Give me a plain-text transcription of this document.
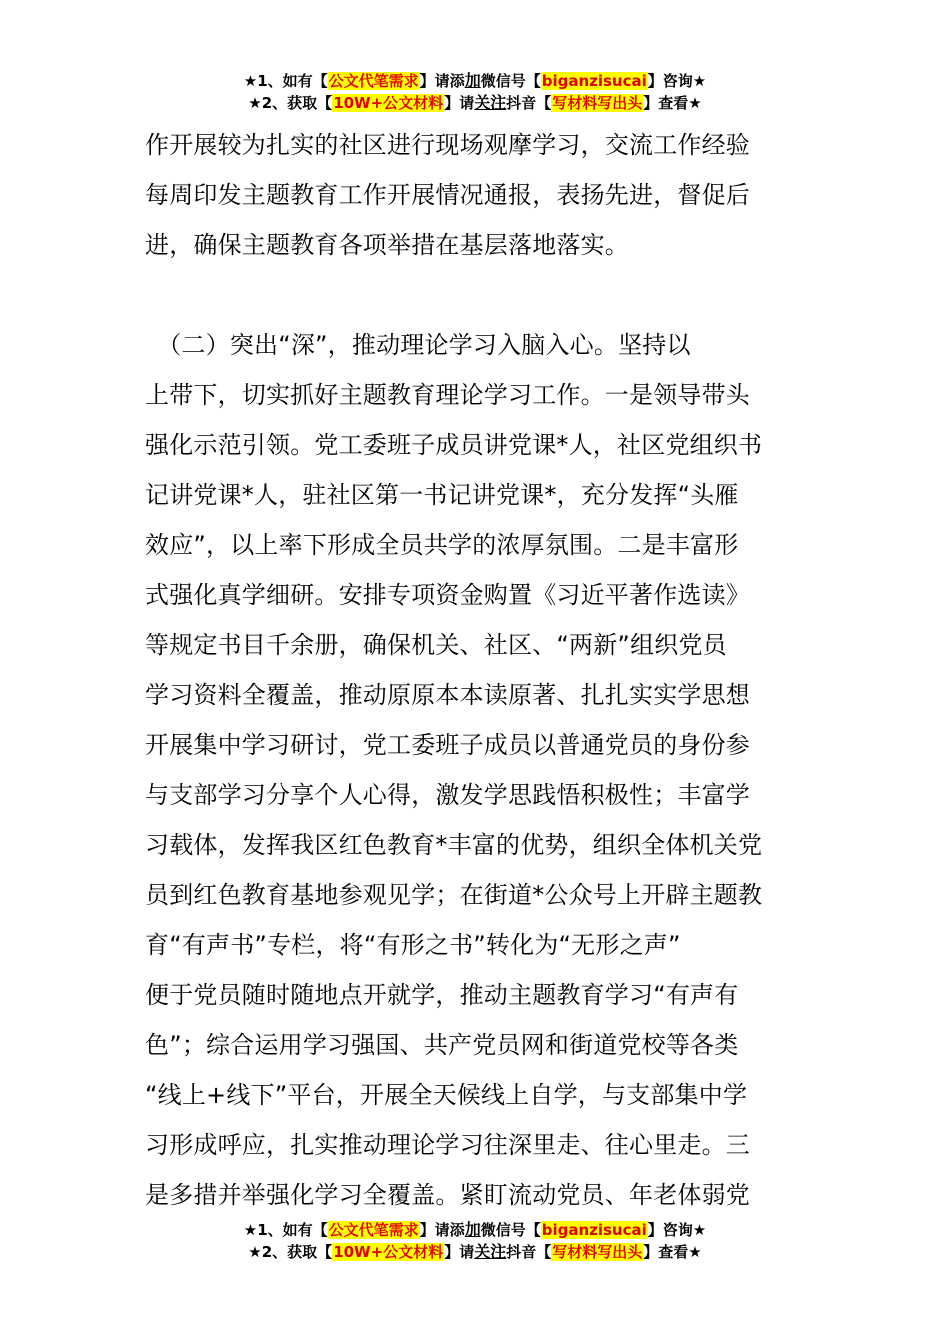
★1、如有【公文代笔需求】请添加微信号【biganzisucai】咨询★
★2、获取【10W+公文材料】请关注抖音【写材料写出头】查看★
作开展较为扎实的社区进行现场观摩学习，交流工作经验
每周印发主题教育工作开展情况通报，表扬先进，督促后
进，确保主题教育各项举措在基层落地落实。
　（二）突出“深”，推动理论学习入脑入心。坚持以
上带下，切实抓好主题教育理论学习工作。一是领导带头
强化示范引领。党工委班子成员讲党课*人，社区党组织书
记讲党课*人，驻社区第一书记讲党课*，充分发挥“头雁
效应”，以上率下形成全员共学的浓厚氛围。二是丰富形
式强化真学细研。安排专项资金购置《习近平著作选读》
等规定书目千余册，确保机关、社区、“两新”组织党员
学习资料全覆盖，推动原原本本读原著、扎扎实实学思想
开展集中学习研讨，党工委班子成员以普通党员的身份参
与支部学习分享个人心得，激发学思践悟积极性；丰富学
习载体，发挥我区红色教育*丰富的优势，组织全体机关党
员到红色教育基地参观见学；在街道*公众号上开辟主题教
育“有声书”专栏，将“有形之书”转化为“无形之声”
便于党员随时随地点开就学，推动主题教育学习“有声有
色”；综合运用学习强国、共产党员网和街道党校等各类
“线上+线下”平台，开展全天候线上自学，与支部集中学
习形成呼应，扎实推动理论学习往深里走、往心里走。三
是多措并举强化学习全覆盖。紧盯流动党员、年老体弱党
★1、如有【公文代笔需求】请添加微信号【biganzisucai】咨询★
★2、获取【10W+公文材料】请关注抖音【写材料写出头】查看★
